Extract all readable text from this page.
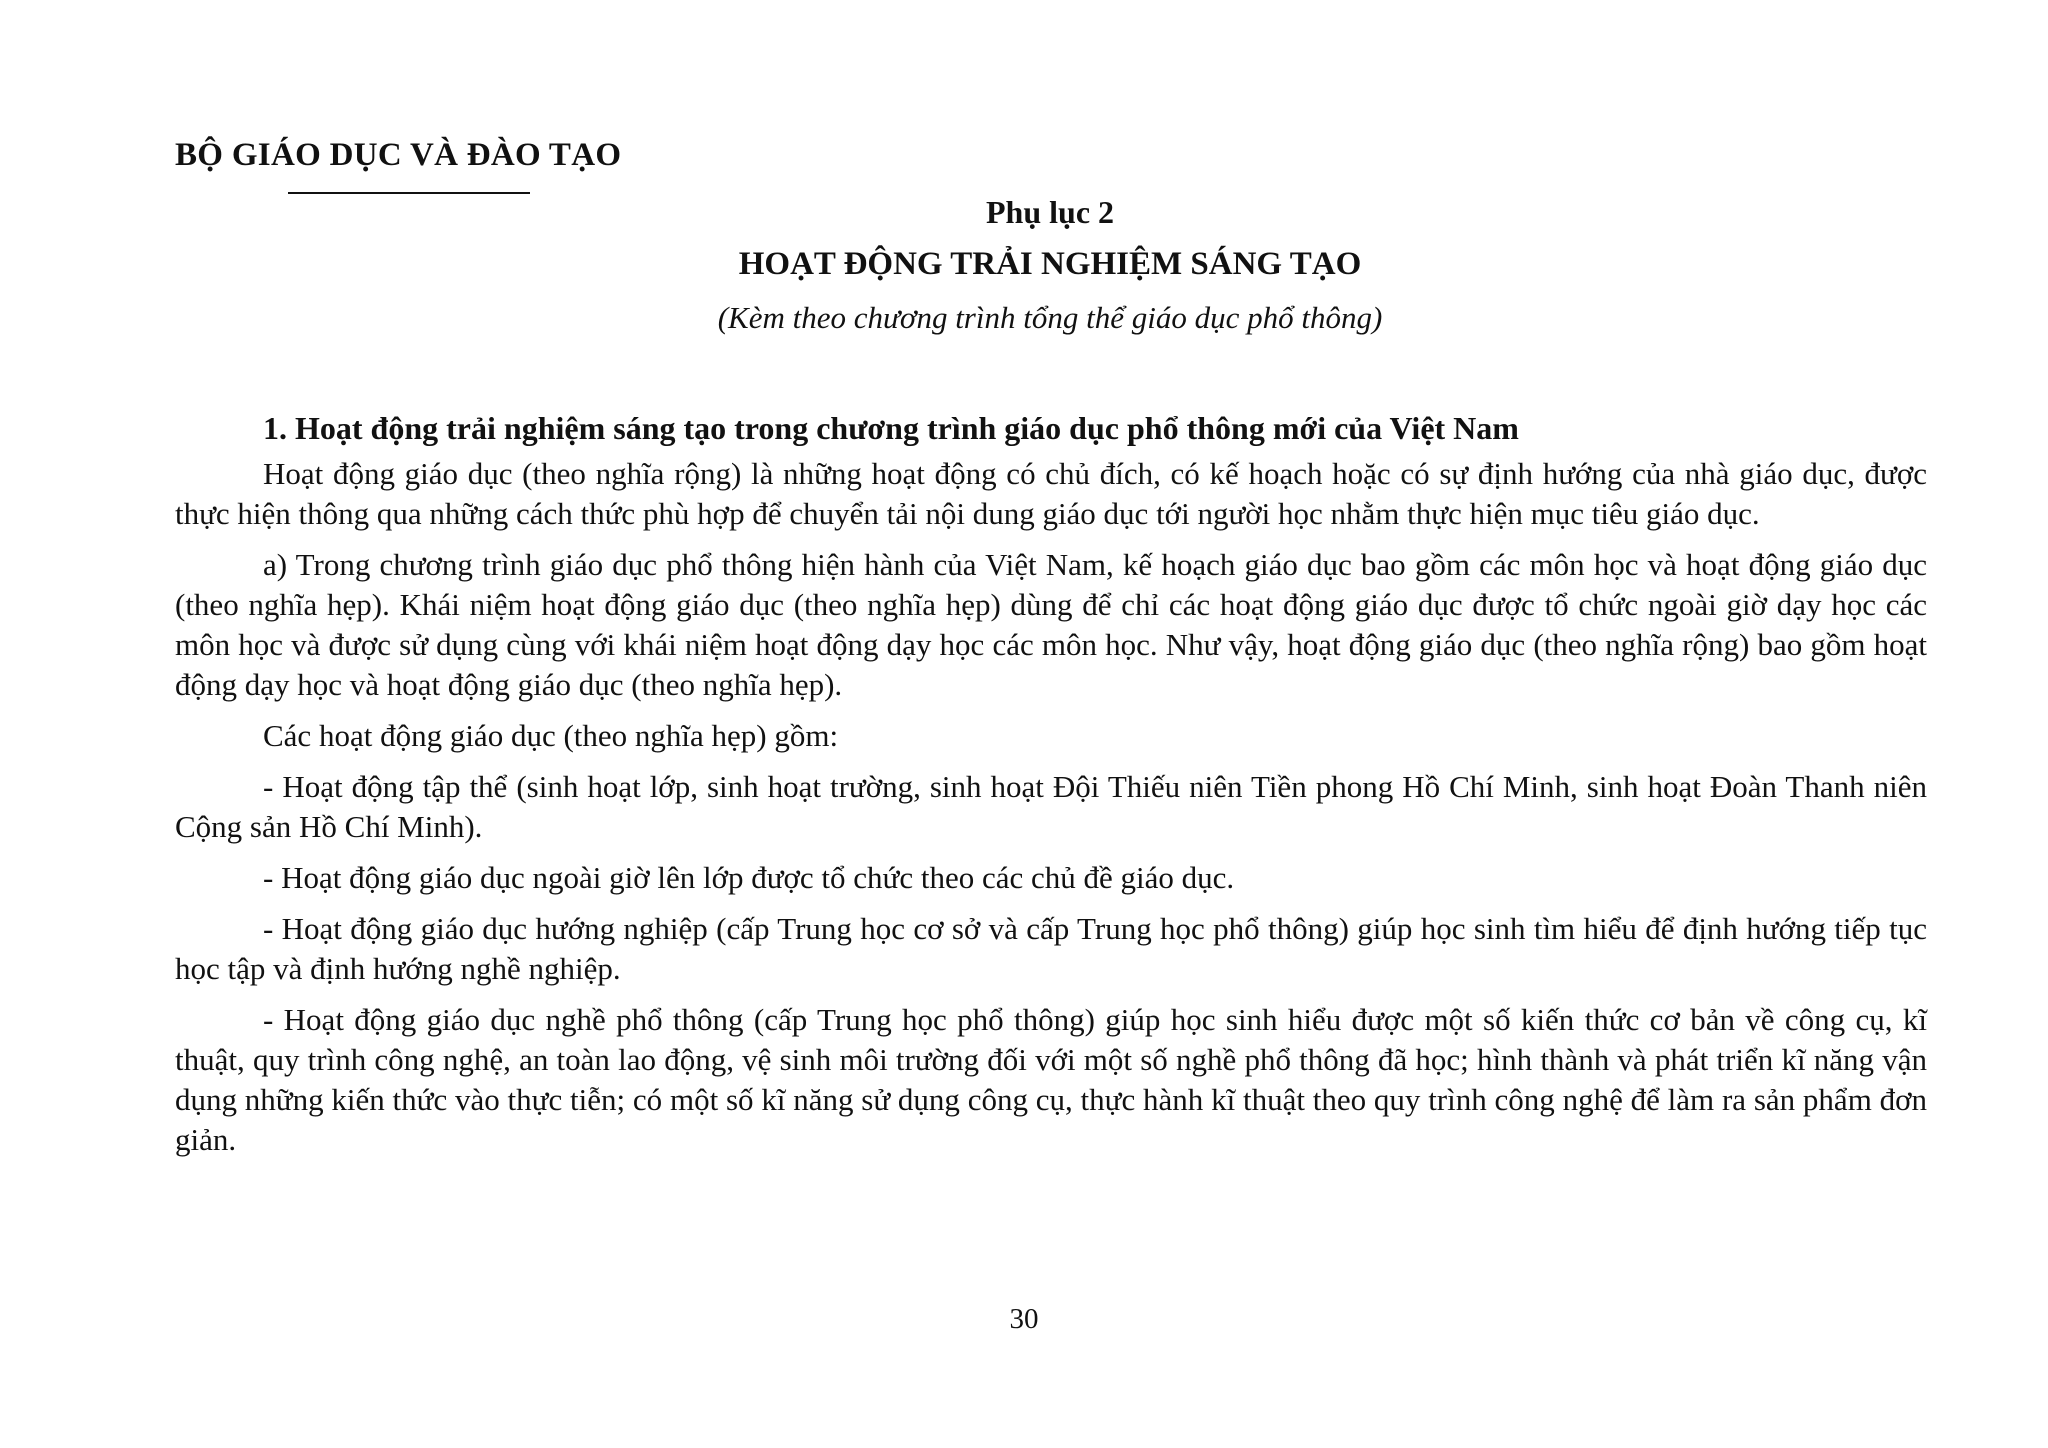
BỘ GIÁO DỤC VÀ ĐÀO TẠO
Phụ lục 2
HOẠT ĐỘNG TRẢI NGHIỆM SÁNG TẠO
(Kèm theo chương trình tổng thể giáo dục phổ thông)

1. Hoạt động trải nghiệm sáng tạo trong chương trình giáo dục phổ thông mới của Việt Nam

Hoạt động giáo dục (theo nghĩa rộng) là những hoạt động có chủ đích, có kế hoạch hoặc có sự định hướng của nhà giáo dục, được thực hiện thông qua những cách thức phù hợp để chuyển tải nội dung giáo dục tới người học nhằm thực hiện mục tiêu giáo dục.

a) Trong chương trình giáo dục phổ thông hiện hành của Việt Nam, kế hoạch giáo dục bao gồm các môn học và hoạt động giáo dục (theo nghĩa hẹp). Khái niệm hoạt động giáo dục (theo nghĩa hẹp) dùng để chỉ các hoạt động giáo dục được tổ chức ngoài giờ dạy học các môn học và được sử dụng cùng với khái niệm hoạt động dạy học các môn học. Như vậy, hoạt động giáo dục (theo nghĩa rộng) bao gồm hoạt động dạy học và hoạt động giáo dục (theo nghĩa hẹp).

Các hoạt động giáo dục (theo nghĩa hẹp) gồm:

- Hoạt động tập thể (sinh hoạt lớp, sinh hoạt trường, sinh hoạt Đội Thiếu niên Tiền phong Hồ Chí Minh, sinh hoạt Đoàn Thanh niên Cộng sản Hồ Chí Minh).

- Hoạt động giáo dục ngoài giờ lên lớp được tổ chức theo các chủ đề giáo dục.

- Hoạt động giáo dục hướng nghiệp (cấp Trung học cơ sở và cấp Trung học phổ thông) giúp học sinh tìm hiểu để định hướng tiếp tục học tập và định hướng nghề nghiệp.

- Hoạt động giáo dục nghề phổ thông (cấp Trung học phổ thông) giúp học sinh hiểu được một số kiến thức cơ bản về công cụ, kĩ thuật, quy trình công nghệ, an toàn lao động, vệ sinh môi trường đối với một số nghề phổ thông đã học; hình thành và phát triển kĩ năng vận dụng những kiến thức vào thực tiễn; có một số kĩ năng sử dụng công cụ, thực hành kĩ thuật theo quy trình công nghệ để làm ra sản phẩm đơn giản.

30
